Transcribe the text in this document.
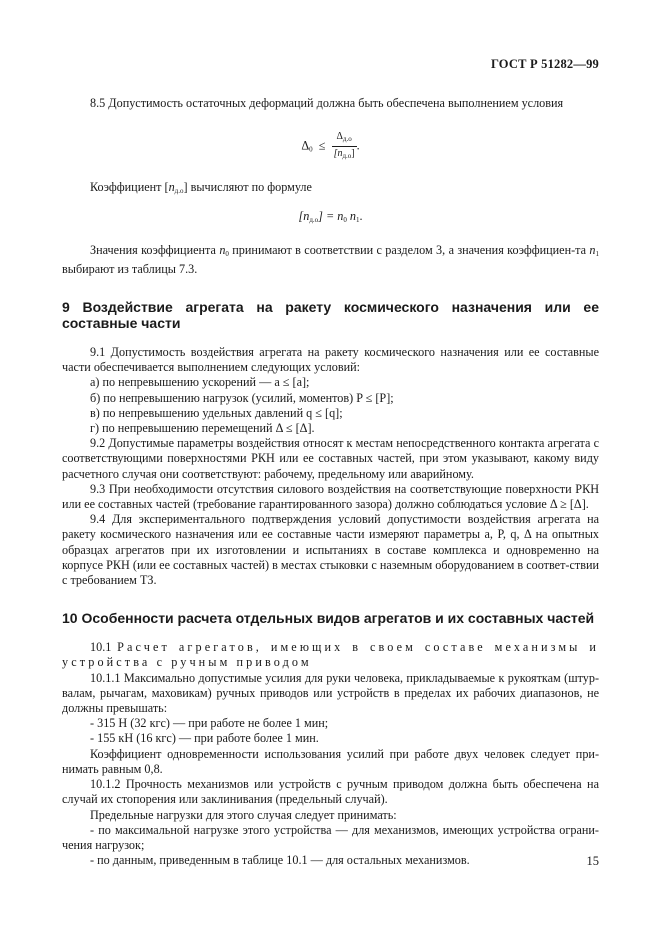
ГОСТ Р 51282—99

8.5 Допустимость остаточных деформаций должна быть обеспечена выполнением условия

$\Delta_0 \le \frac{\Delta_{д.о}}{[n_{д.о}]}$ .

Коэффициент $[n_{д.о}]$ вычисляют по формуле

$[n_{д.о}] = n_0$ $n_1$.

Значения коэффициента $n_0$ принимают в соответствии с разделом 3, а значения коэффициен-та $n_1$ выбирают из таблицы 7.3.

9 Воздействие агрегата на ракету космического назначения или ее составные части

9.1 Допустимость воздействия агрегата на ракету космического назначения или ее составные части обеспечивается выполнением следующих условий:

а) по непревышению ускорений — a ≤ [a];

б) по непревышению нагрузок (усилий, моментов) P ≤ [P];

в) по непревышению удельных давлений q ≤ [q];

г) по непревышению перемещений Δ ≤ [Δ].

9.2 Допустимые параметры воздействия относят к местам непосредственного контакта агрегата с соответствующими поверхностями РКН или ее составных частей, при этом указывают, какому виду расчетного случая они соответствуют: рабочему, предельному или аварийному.

9.3 При необходимости отсутствия силового воздействия на соответствующие поверхности РКН или ее составных частей (требование гарантированного зазора) должно соблюдаться условие Δ ≥ [Δ].

9.4 Для экспериментального подтверждения условий допустимости воздействия агрегата на ракету космического назначения или ее составные части измеряют параметры a, P, q, Δ на опытных образцах агрегатов при их изготовлении и испытаниях в составе комплекса и одновременно на корпусе РКН (или ее составных частей) в местах стыковки с наземным оборудованием в соответ-ствии с требованием ТЗ.

10 Особенности расчета отдельных видов агрегатов и их составных частей

10.1 Расчет агрегатов, имеющих в своем составе механизмы и устройства с ручным приводом

10.1.1 Максимально допустимые усилия для руки человека, прикладываемые к рукояткам (штур-валам, рычагам, маховикам) ручных приводов или устройств в пределах их рабочих диапазонов, не должны превышать:

- 315 Н (32 кгс) — при работе не более 1 мин;

- 155 кН (16 кгс) — при работе более 1 мин.

Коэффициент одновременности использования усилий при работе двух человек следует при-нимать равным 0,8.

10.1.2 Прочность механизмов или устройств с ручным приводом должна быть обеспечена на случай их стопорения или заклинивания (предельный случай).

Предельные нагрузки для этого случая следует принимать:

- по максимальной нагрузке этого устройства — для механизмов, имеющих устройства ограни-чения нагрузок;

- по данным, приведенным в таблице 10.1 — для остальных механизмов.	15
